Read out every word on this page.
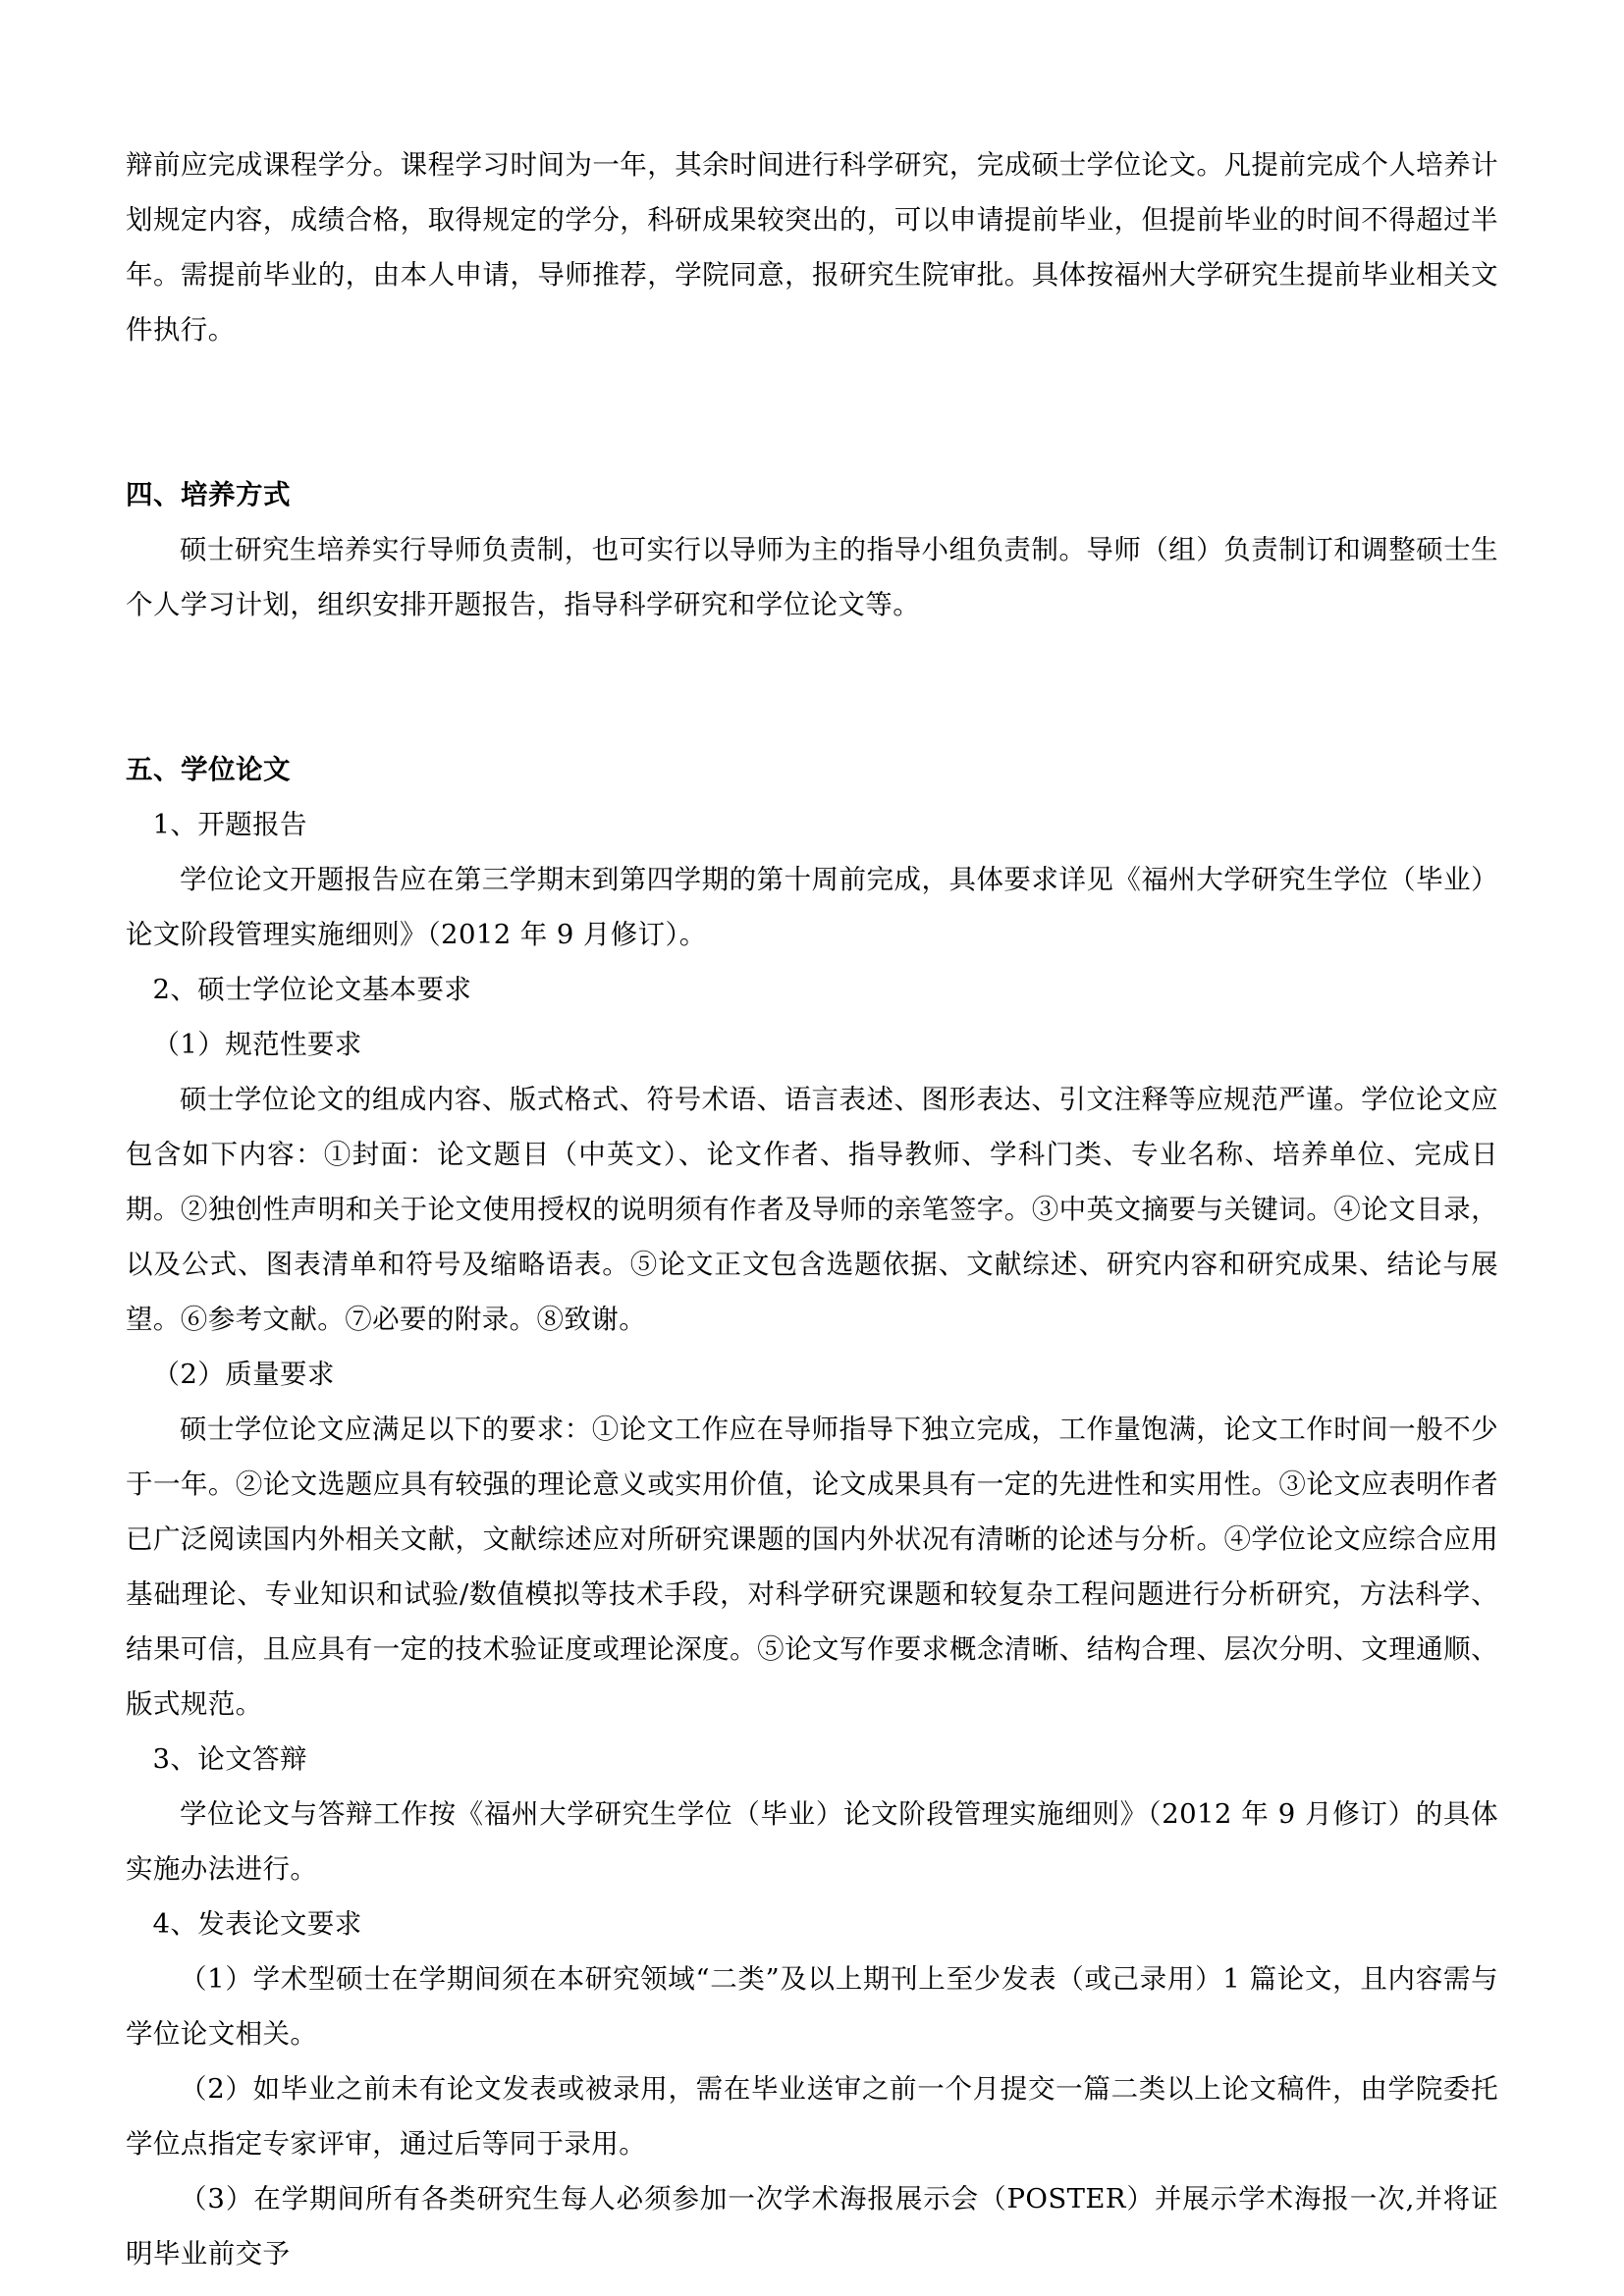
辩前应完成课程学分。课程学习时间为一年，其余时间进行科学研究，完成硕士学位论文。凡提前完成个人培养计划规定内容，成绩合格，取得规定的学分，科研成果较突出的，可以申请提前毕业，但提前毕业的时间不得超过半年。需提前毕业的，由本人申请，导师推荐，学院同意，报研究生院审批。具体按福州大学研究生提前毕业相关文件执行。

四、培养方式

硕士研究生培养实行导师负责制，也可实行以导师为主的指导小组负责制。导师（组）负责制订和调整硕士生个人学习计划，组织安排开题报告，指导科学研究和学位论文等。

五、学位论文
1、开题报告

学位论文开题报告应在第三学期末到第四学期的第十周前完成，具体要求详见《福州大学研究生学位（毕业）论文阶段管理实施细则》（2012 年 9 月修订）。

2、硕士学位论文基本要求
（1）规范性要求

硕士学位论文的组成内容、版式格式、符号术语、语言表述、图形表达、引文注释等应规范严谨。学位论文应包含如下内容：①封面：论文题目（中英文）、论文作者、指导教师、学科门类、专业名称、培养单位、完成日期。②独创性声明和关于论文使用授权的说明须有作者及导师的亲笔签字。③中英文摘要与关键词。④论文目录，以及公式、图表清单和符号及缩略语表。⑤论文正文包含选题依据、文献综述、研究内容和研究成果、结论与展望。⑥参考文献。⑦必要的附录。⑧致谢。

（2）质量要求

硕士学位论文应满足以下的要求：①论文工作应在导师指导下独立完成，工作量饱满，论文工作时间一般不少于一年。②论文选题应具有较强的理论意义或实用价值，论文成果具有一定的先进性和实用性。③论文应表明作者已广泛阅读国内外相关文献，文献综述应对所研究课题的国内外状况有清晰的论述与分析。④学位论文应综合应用基础理论、专业知识和试验/数值模拟等技术手段，对科学研究课题和较复杂工程问题进行分析研究，方法科学、结果可信，且应具有一定的技术验证度或理论深度。⑤论文写作要求概念清晰、结构合理、层次分明、文理通顺、版式规范。

3、论文答辩

学位论文与答辩工作按《福州大学研究生学位（毕业）论文阶段管理实施细则》（2012 年 9 月修订）的具体实施办法进行。

4、发表论文要求

（1）学术型硕士在学期间须在本研究领域“二类”及以上期刊上至少发表（或己录用）1 篇论文，且内容需与学位论文相关。

（2）如毕业之前未有论文发表或被录用，需在毕业送审之前一个月提交一篇二类以上论文稿件，由学院委托学位点指定专家评审，通过后等同于录用。

（3）在学期间所有各类研究生每人必须参加一次学术海报展示会（POSTER）并展示学术海报一次,并将证明毕业前交予
